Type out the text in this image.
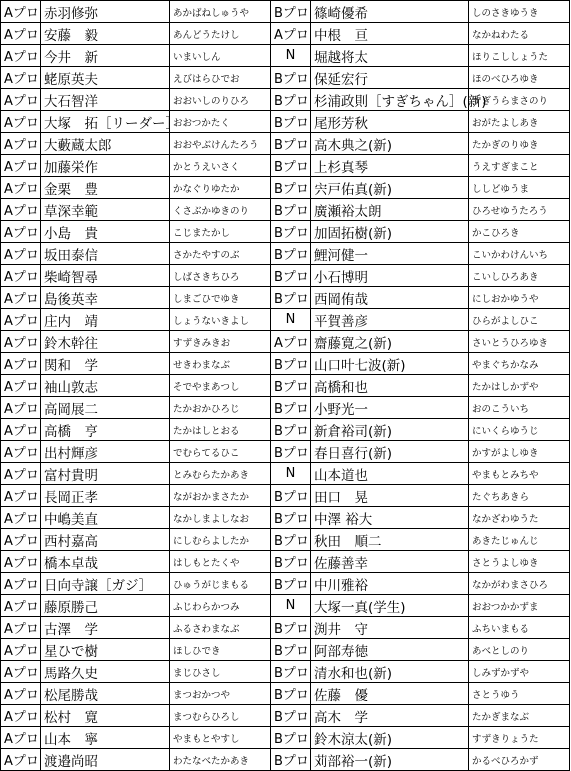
Aプロ	赤羽修弥	あかばねしゅうや	Bプロ	篠崎優希	しのさきゆうき
Aプロ	安藤　毅	あんどうたけし	Aプロ	中根　亘	なかねわたる
Aプロ	今井　新	いまいしん	N	堀越将太	ほりこししょうた
Aプロ	蛯原英夫	えびはらひでお	Bプロ	保延宏行	ほのべひろゆき
Aプロ	大石智洋	おおいしのりひろ	Bプロ	杉浦政則［すぎちゃん］(新)	すぎうらまさのり
Aプロ	大塚　拓［リーダー］	おおつかたく	Bプロ	尾形芳秋	おがたよしあき
Aプロ	大藪蔵太郎	おおやぶけんたろう	Bプロ	高木典之(新)	たかぎのりゆき
Aプロ	加藤栄作	かとうえいさく	Bプロ	上杉真琴	うえすぎまこと
Aプロ	金栗　豊	かなぐりゆたか	Bプロ	宍戸佑真(新)	ししどゆうま
Aプロ	草深幸範	くさぶかゆきのり	Bプロ	廣瀬裕太朗	ひろせゆうたろう
Aプロ	小島　貴	こじまたかし	Bプロ	加固拓樹(新)	かこひろき
Aプロ	坂田泰信	さかたやすのぶ	Bプロ	鯉河健一	こいかわけんいち
Aプロ	柴崎智尋	しばさきちひろ	Bプロ	小石博明	こいしひろあき
Aプロ	島後英幸	しまごひでゆき	Bプロ	西岡侑哉	にしおかゆうや
Aプロ	庄内　靖	しょうないきよし	N	平賀善彦	ひらがよしひこ
Aプロ	鈴木幹往	すずきみきお	Aプロ	齋藤寛之(新)	さいとうひろゆき
Aプロ	関和　学	せきわまなぶ	Bプロ	山口叶七波(新)	やまぐちかなみ
Aプロ	袖山敦志	そでやまあつし	Bプロ	高橋和也	たかはしかずや
Aプロ	高岡展二	たかおかひろじ	Bプロ	小野光一	おのこういち
Aプロ	高橋　亨	たかはしとおる	Bプロ	新倉裕司(新)	にいくらゆうじ
Aプロ	出村輝彦	でむらてるひこ	Bプロ	春日喜行(新)	かすがよしゆき
Aプロ	富村貴明	とみむらたかあき	N	山本道也	やまもとみちや
Aプロ	長岡正孝	ながおかまさたか	Bプロ	田口　晃	たぐちあきら
Aプロ	中嶋美直	なかしまよしなお	Bプロ	中澤 裕大	なかざわゆうた
Aプロ	西村嘉高	にしむらよしたか	Bプロ	秋田　順二	あきたじゅんじ
Aプロ	橋本卓哉	はしもとたくや	Bプロ	佐藤善幸	さとうよしゆき
Aプロ	日向寺譲［ガジ］	ひゅうがじまもる	Bプロ	中川雅裕	なかがわまさひろ
Aプロ	藤原勝己	ふじわらかつみ	N	大塚一真(学生)	おおつかかずま
Aプロ	古澤　学	ふるさわまなぶ	Bプロ	渕井　守	ふちいまもる
Aプロ	星ひで樹	ほしひでき	Bプロ	阿部寿徳	あべとしのり
Aプロ	馬路久史	まじひさし	Bプロ	清水和也(新)	しみずかずや
Aプロ	松尾勝哉	まつおかつや	Bプロ	佐藤　優	さとうゆう
Aプロ	松村　寛	まつむらひろし	Bプロ	高木　学	たかぎまなぶ
Aプロ	山本　寧	やまもとやすし	Bプロ	鈴木涼太(新)	すずきりょうた
Aプロ	渡邉尚昭	わたなべたかあき	Bプロ	苅部裕一(新)	かるべひろかず
